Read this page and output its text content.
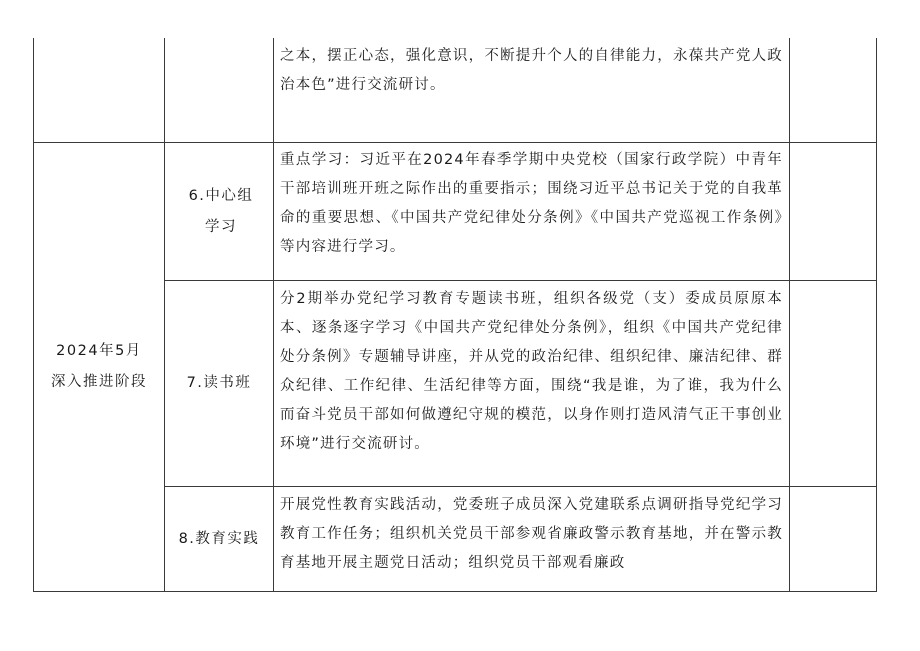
之本，摆正心态，强化意识，不断提升个人的自律能力，永葆共产党人政治本色”进行交流研讨。
2024年5月
深入推进阶段
6.中心组学习
重点学习：习近平在2024年春季学期中央党校（国家行政学院）中青年干部培训班开班之际作出的重要指示；围绕习近平总书记关于党的自我革命的重要思想、《中国共产党纪律处分条例》《中国共产党巡视工作条例》等内容进行学习。
7.读书班
分2期举办党纪学习教育专题读书班，组织各级党（支）委成员原原本本、逐条逐字学习《中国共产党纪律处分条例》，组织《中国共产党纪律处分条例》专题辅导讲座，并从党的政治纪律、组织纪律、廉洁纪律、群众纪律、工作纪律、生活纪律等方面，围绕“我是谁，为了谁，我为什么而奋斗党员干部如何做遵纪守规的模范，以身作则打造风清气正干事创业环境”进行交流研讨。
8.教育实践
开展党性教育实践活动，党委班子成员深入党建联系点调研指导党纪学习教育工作任务；组织机关党员干部参观省廉政警示教育基地，并在警示教育基地开展主题党日活动；组织党员干部观看廉政
